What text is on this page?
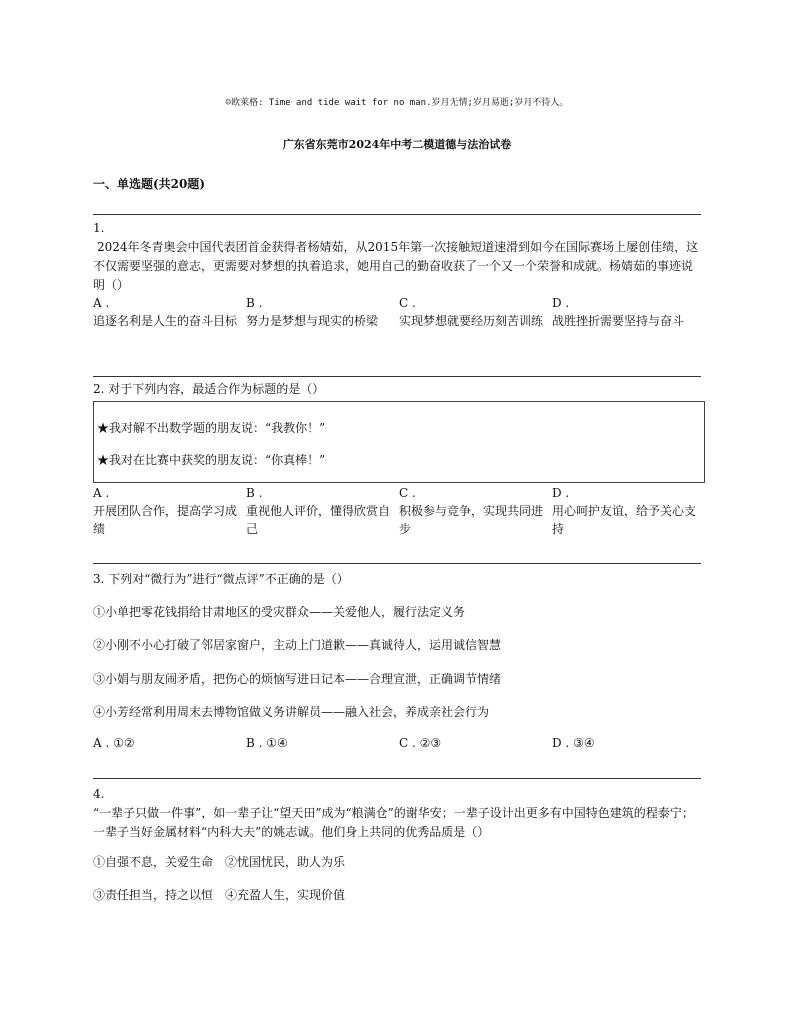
☺欧莱格: Time and tide wait for no man.岁月无情;岁月易逝;岁月不待人。
广东省东莞市2024年中考二模道德与法治试卷
一、单选题(共20题)

1.

2024年冬青奥会中国代表团首金获得者杨婧茹，从2015年第一次接触短道速滑到如今在国际赛场上屡创佳绩，这不仅需要坚强的意志，更需要对梦想的执着追求，她用自己的勤奋收获了一个又一个荣誉和成就。杨婧茹的事迹说明（）

A .
追逐名利是人生的奋斗目标
B .
努力是梦想与现实的桥梁
C .
实现梦想就要经历刻苦训练
D .
战胜挫折需要坚持与奋斗

2. 对于下列内容，最适合作为标题的是（）

★我对解不出数学题的朋友说：“我教你！”
★我对在比赛中获奖的朋友说：“你真棒！”
A .
开展团队合作，提高学习成绩
B .
重视他人评价，懂得欣赏自己
C .
积极参与竞争，实现共同进步
D .
用心呵护友谊，给予关心支持

3. 下列对“微行为”进行“微点评”不正确的是（）

①小单把零花钱捐给甘肃地区的受灾群众——关爱他人，履行法定义务
②小刚不小心打破了邻居家窗户，主动上门道歉——真诚待人，运用诚信智慧
③小娟与朋友闹矛盾，把伤心的烦恼写进日记本——合理宣泄，正确调节情绪
④小芳经常利用周末去博物馆做义务讲解员——融入社会，养成亲社会行为
A . ①②	B . ①④	C . ②③	D . ③④

4.

“一辈子只做一件事”，如一辈子让“望天田”成为“粮满仓”的谢华安；一辈子设计出更多有中国特色建筑的程泰宁；一辈子当好金属材料“内科大夫”的姚志诚。他们身上共同的优秀品质是（）

①自强不息，关爱生命　②忧国忧民，助人为乐
③责任担当，持之以恒　④充盈人生，实现价值
